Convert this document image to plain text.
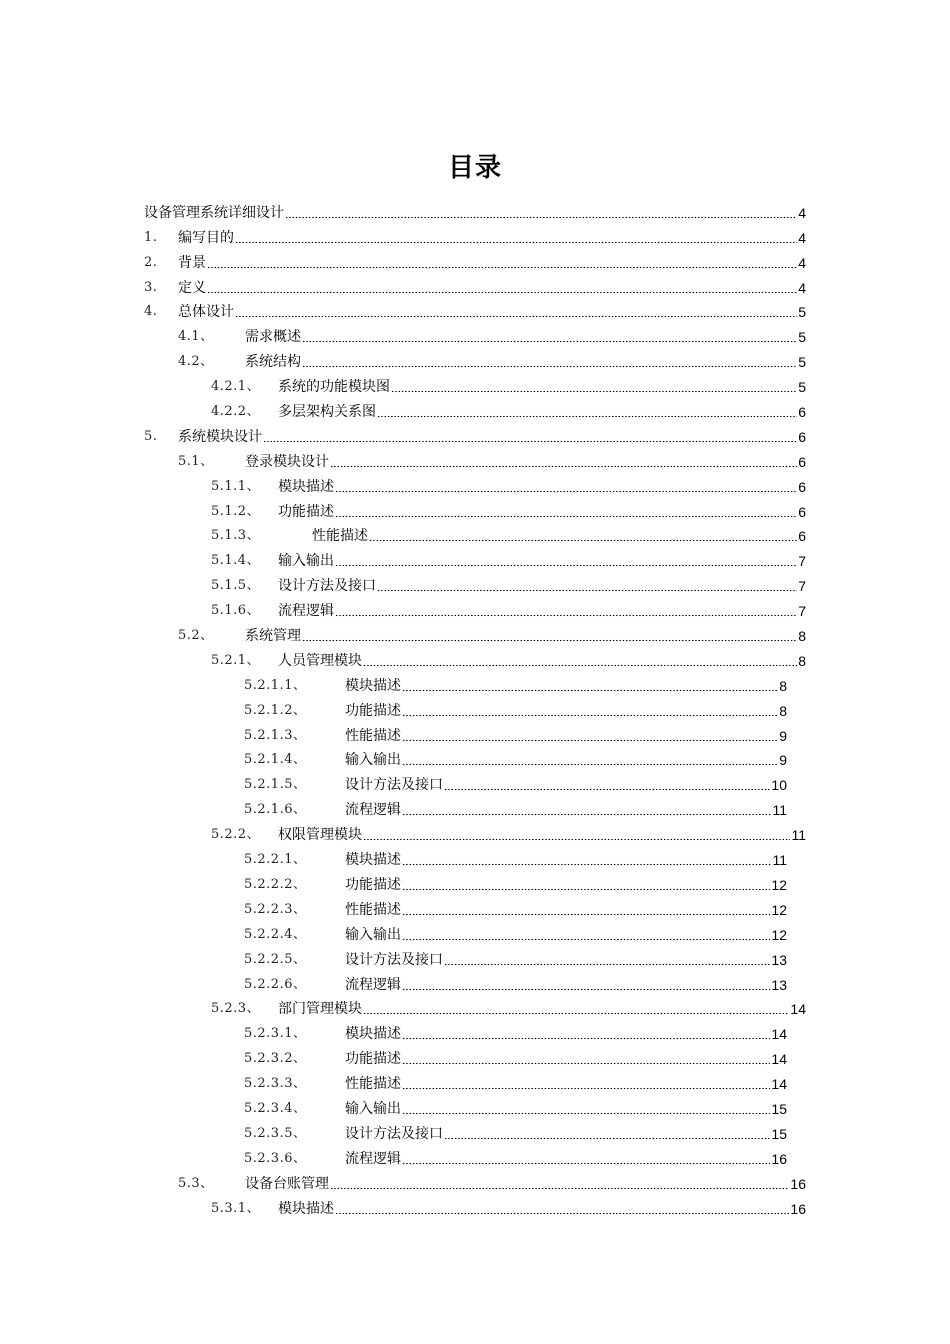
目录
设备管理系统详细设计	4
1.	编写目的	4
2.	背景	4
3.	定义	4
4.	总体设计	5
4.1、	需求概述	5
4.2、	系统结构	5
4.2.1、	系统的功能模块图	5
4.2.2、	多层架构关系图	6
5.	系统模块设计	6
5.1、	登录模块设计	6
5.1.1、	模块描述	6
5.1.2、	功能描述	6
5.1.3、	性能描述	6
5.1.4、	输入输出	7
5.1.5、	设计方法及接口	7
5.1.6、	流程逻辑	7
5.2、	系统管理	8
5.2.1、	人员管理模块	8
5.2.1.1、	模块描述	8
5.2.1.2、	功能描述	8
5.2.1.3、	性能描述	9
5.2.1.4、	输入输出	9
5.2.1.5、	设计方法及接口	10
5.2.1.6、	流程逻辑	11
5.2.2、	权限管理模块	11
5.2.2.1、	模块描述	11
5.2.2.2、	功能描述	12
5.2.2.3、	性能描述	12
5.2.2.4、	输入输出	12
5.2.2.5、	设计方法及接口	13
5.2.2.6、	流程逻辑	13
5.2.3、	部门管理模块	14
5.2.3.1、	模块描述	14
5.2.3.2、	功能描述	14
5.2.3.3、	性能描述	14
5.2.3.4、	输入输出	15
5.2.3.5、	设计方法及接口	15
5.2.3.6、	流程逻辑	16
5.3、	设备台账管理	16
5.3.1、	模块描述	16
